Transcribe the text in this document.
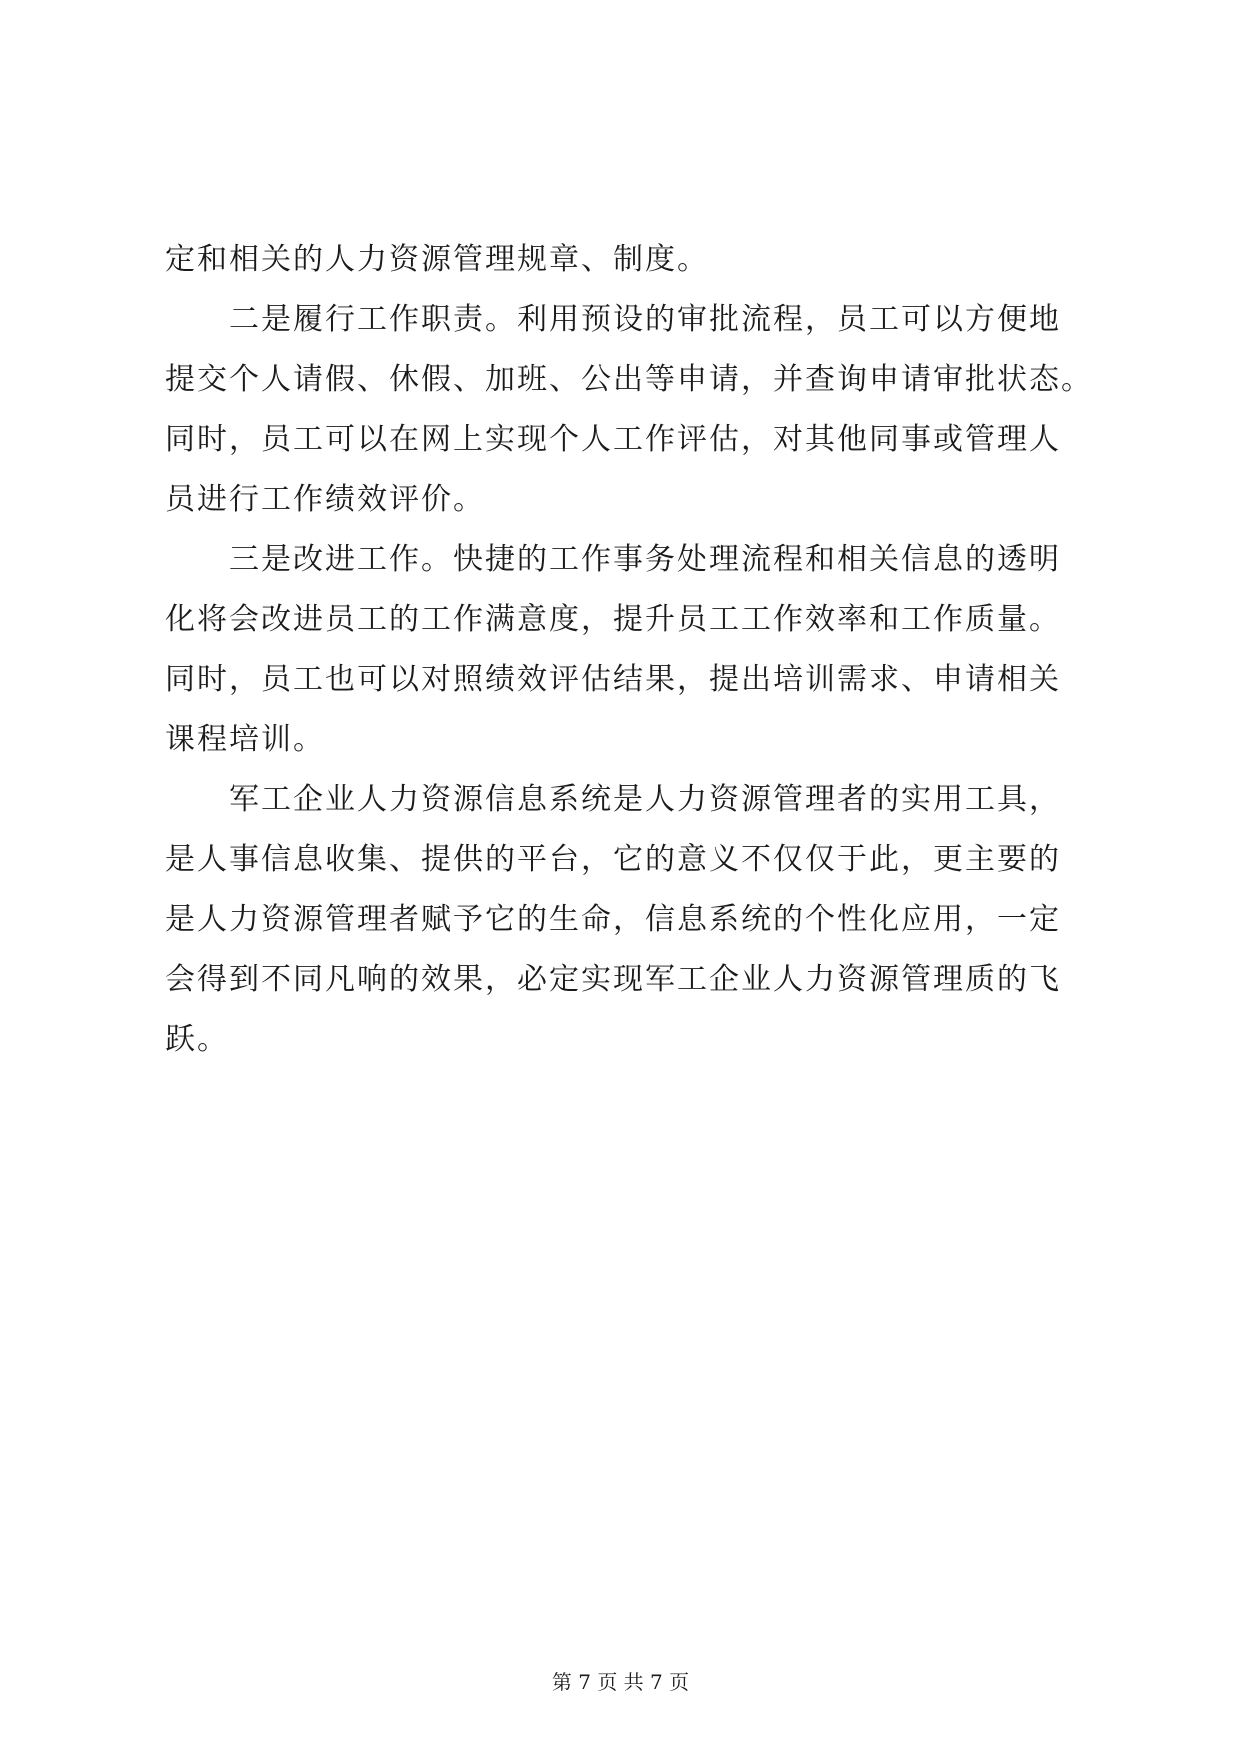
定和相关的人力资源管理规章、制度。
二是履行工作职责。利用预设的审批流程，员工可以方便地
提交个人请假、休假、加班、公出等申请，并查询申请审批状态。
同时，员工可以在网上实现个人工作评估，对其他同事或管理人
员进行工作绩效评价。
三是改进工作。快捷的工作事务处理流程和相关信息的透明
化将会改进员工的工作满意度，提升员工工作效率和工作质量。
同时，员工也可以对照绩效评估结果，提出培训需求、申请相关
课程培训。
军工企业人力资源信息系统是人力资源管理者的实用工具，
是人事信息收集、提供的平台，它的意义不仅仅于此，更主要的
是人力资源管理者赋予它的生命，信息系统的个性化应用，一定
会得到不同凡响的效果，必定实现军工企业人力资源管理质的飞
跃。
第 7 页 共 7 页
